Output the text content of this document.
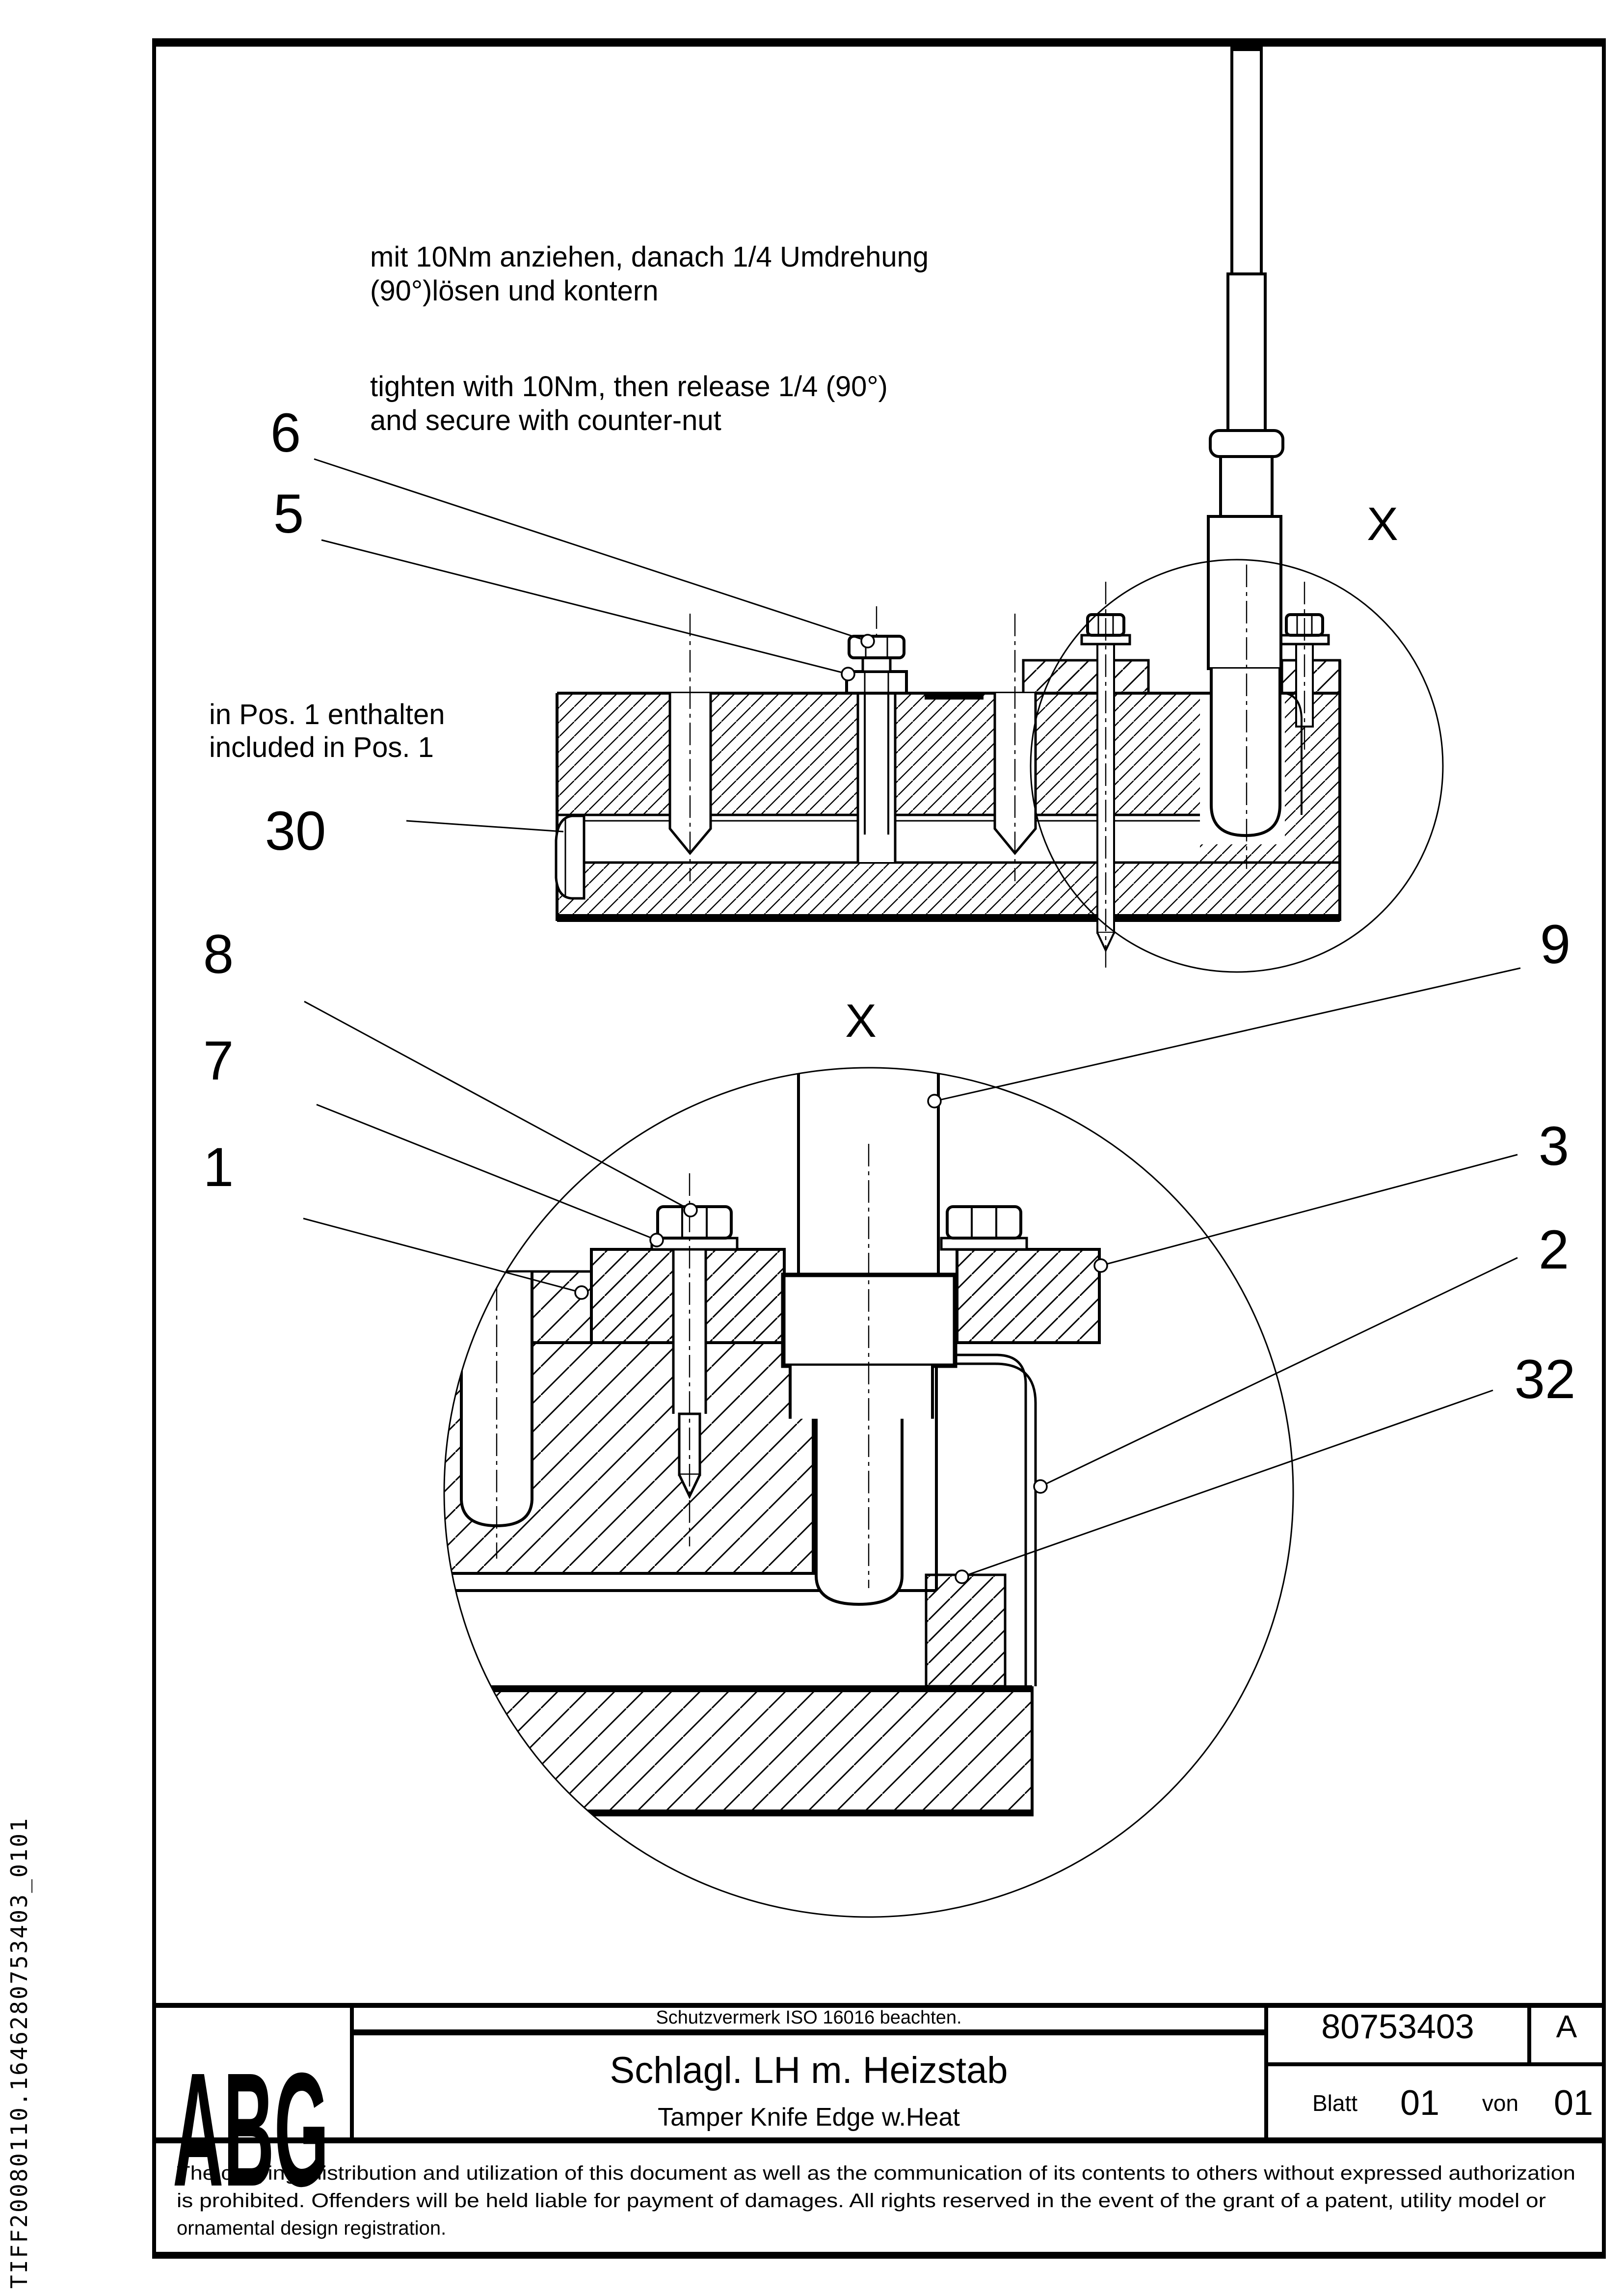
X
X
6
5
30
8
7
1
9
3
2
32
mit 10Nm anziehen, danach 1/4 Umdrehung
(90°)lösen und kontern
tighten with 10Nm, then release 1/4 (90°)
and secure with counter-nut
in Pos. 1 enthalten
included in Pos. 1
TIFF20080110.1646280753403_0101
ABG
Schutzvermerk ISO 16016 beachten.
Schlagl. LH m. Heizstab
Tamper Knife Edge w.Heat
80753403	A
Blatt 01 von 01
The copying, distribution and utilization of this document as well as the communication of its contents to others without expressed authorization
is prohibited. Offenders will be held liable for payment of damages. All rights reserved in the event of the grant of a patent, utility model or
ornamental design registration.
